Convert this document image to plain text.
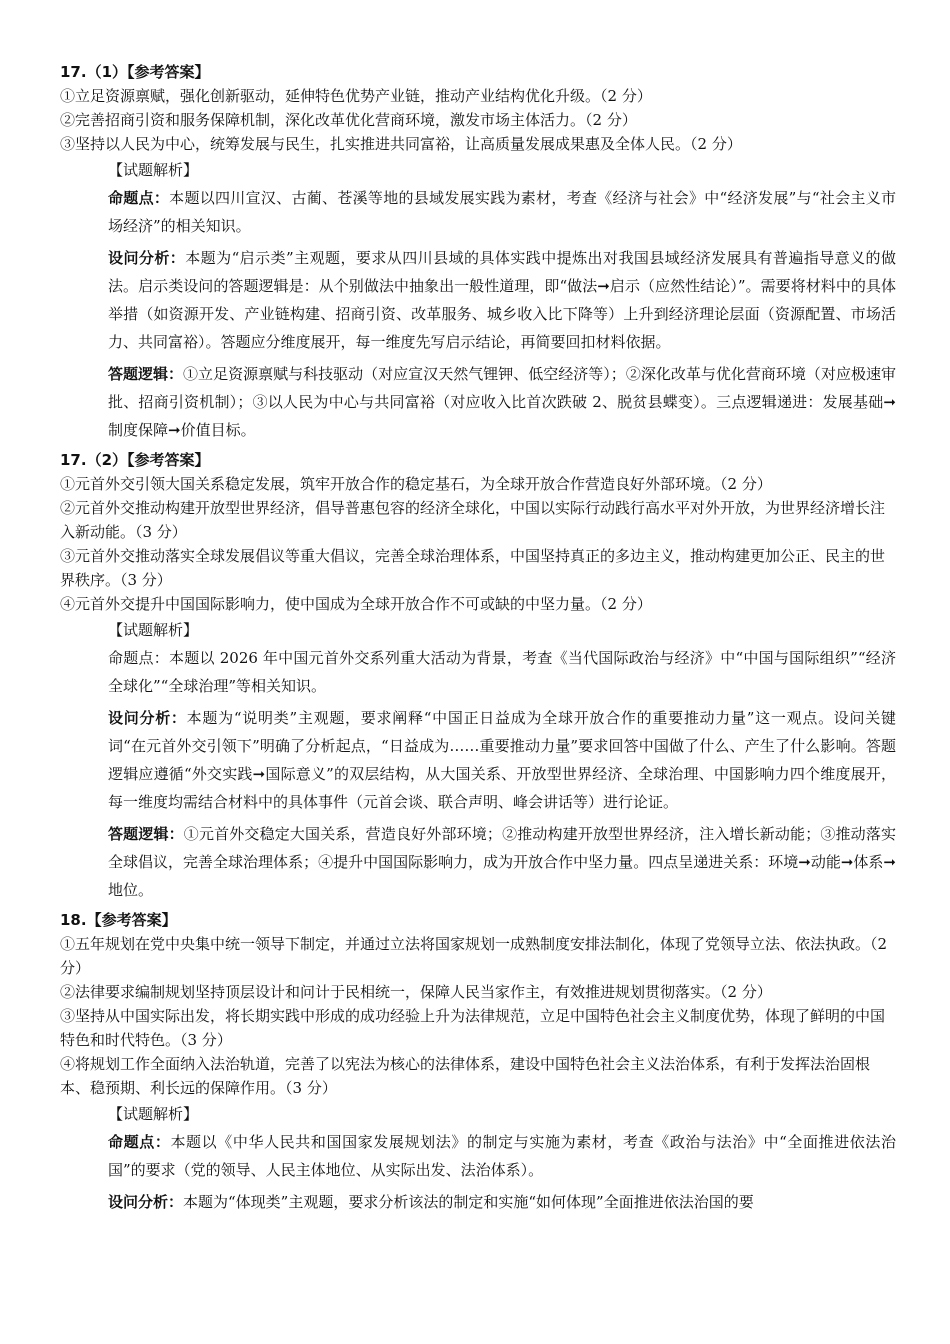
17.（1）【参考答案】

①立足资源禀赋，强化创新驱动，延伸特色优势产业链，推动产业结构优化升级。（2 分）

②完善招商引资和服务保障机制，深化改革优化营商环境，激发市场主体活力。（2 分）

③坚持以人民为中心，统筹发展与民生，扎实推进共同富裕，让高质量发展成果惠及全体人民。（2 分）

【试题解析】

命题点：本题以四川宣汉、古蔺、苍溪等地的县域发展实践为素材，考查《经济与社会》中“经济发展”与“社会主义市场经济”的相关知识。

设问分析：本题为“启示类”主观题，要求从四川县域的具体实践中提炼出对我国县域经济发展具有普遍指导意义的做法。启示类设问的答题逻辑是：从个别做法中抽象出一般性道理，即“做法➞启示（应然性结论）”。需要将材料中的具体举措（如资源开发、产业链构建、招商引资、改革服务、城乡收入比下降等）上升到经济理论层面（资源配置、市场活力、共同富裕）。答题应分维度展开，每一维度先写启示结论，再简要回扣材料依据。

答题逻辑：①立足资源禀赋与科技驱动（对应宣汉天然气锂钾、低空经济等）；②深化改革与优化营商环境（对应极速审批、招商引资机制）；③以人民为中心与共同富裕（对应收入比首次跌破 2、脱贫县蝶变）。三点逻辑递进：发展基础➞制度保障➞价值目标。

17.（2）【参考答案】

①元首外交引领大国关系稳定发展，筑牢开放合作的稳定基石，为全球开放合作营造良好外部环境。（2 分）

②元首外交推动构建开放型世界经济，倡导普惠包容的经济全球化，中国以实际行动践行高水平对外开放，为世界经济增长注入新动能。（3 分）

③元首外交推动落实全球发展倡议等重大倡议，完善全球治理体系，中国坚持真正的多边主义，推动构建更加公正、民主的世界秩序。（3 分）

④元首外交提升中国国际影响力，使中国成为全球开放合作不可或缺的中坚力量。（2 分）

【试题解析】

命题点：本题以 2026 年中国元首外交系列重大活动为背景，考查《当代国际政治与经济》中“中国与国际组织”“经济全球化”“全球治理”等相关知识。

设问分析：本题为“说明类”主观题，要求阐释“中国正日益成为全球开放合作的重要推动力量”这一观点。设问关键词“在元首外交引领下”明确了分析起点，“日益成为……重要推动力量”要求回答中国做了什么、产生了什么影响。答题逻辑应遵循“外交实践➞国际意义”的双层结构，从大国关系、开放型世界经济、全球治理、中国影响力四个维度展开，每一维度均需结合材料中的具体事件（元首会谈、联合声明、峰会讲话等）进行论证。

答题逻辑：①元首外交稳定大国关系，营造良好外部环境；②推动构建开放型世界经济，注入增长新动能；③推动落实全球倡议，完善全球治理体系；④提升中国国际影响力，成为开放合作中坚力量。四点呈递进关系：环境➞动能➞体系➞地位。

18.【参考答案】

①五年规划在党中央集中统一领导下制定，并通过立法将国家规划一成熟制度安排法制化，体现了党领导立法、依法执政。（2 分）

②法律要求编制规划坚持顶层设计和问计于民相统一，保障人民当家作主，有效推进规划贯彻落实。（2 分）

③坚持从中国实际出发，将长期实践中形成的成功经验上升为法律规范，立足中国特色社会主义制度优势，体现了鲜明的中国特色和时代特色。（3 分）

④将规划工作全面纳入法治轨道，完善了以宪法为核心的法律体系，建设中国特色社会主义法治体系，有利于发挥法治固根本、稳预期、利长远的保障作用。（3 分）

【试题解析】

命题点：本题以《中华人民共和国国家发展规划法》的制定与实施为素材，考查《政治与法治》中“全面推进依法治国”的要求（党的领导、人民主体地位、从实际出发、法治体系）。

设问分析：本题为“体现类”主观题，要求分析该法的制定和实施“如何体现”全面推进依法治国的要
